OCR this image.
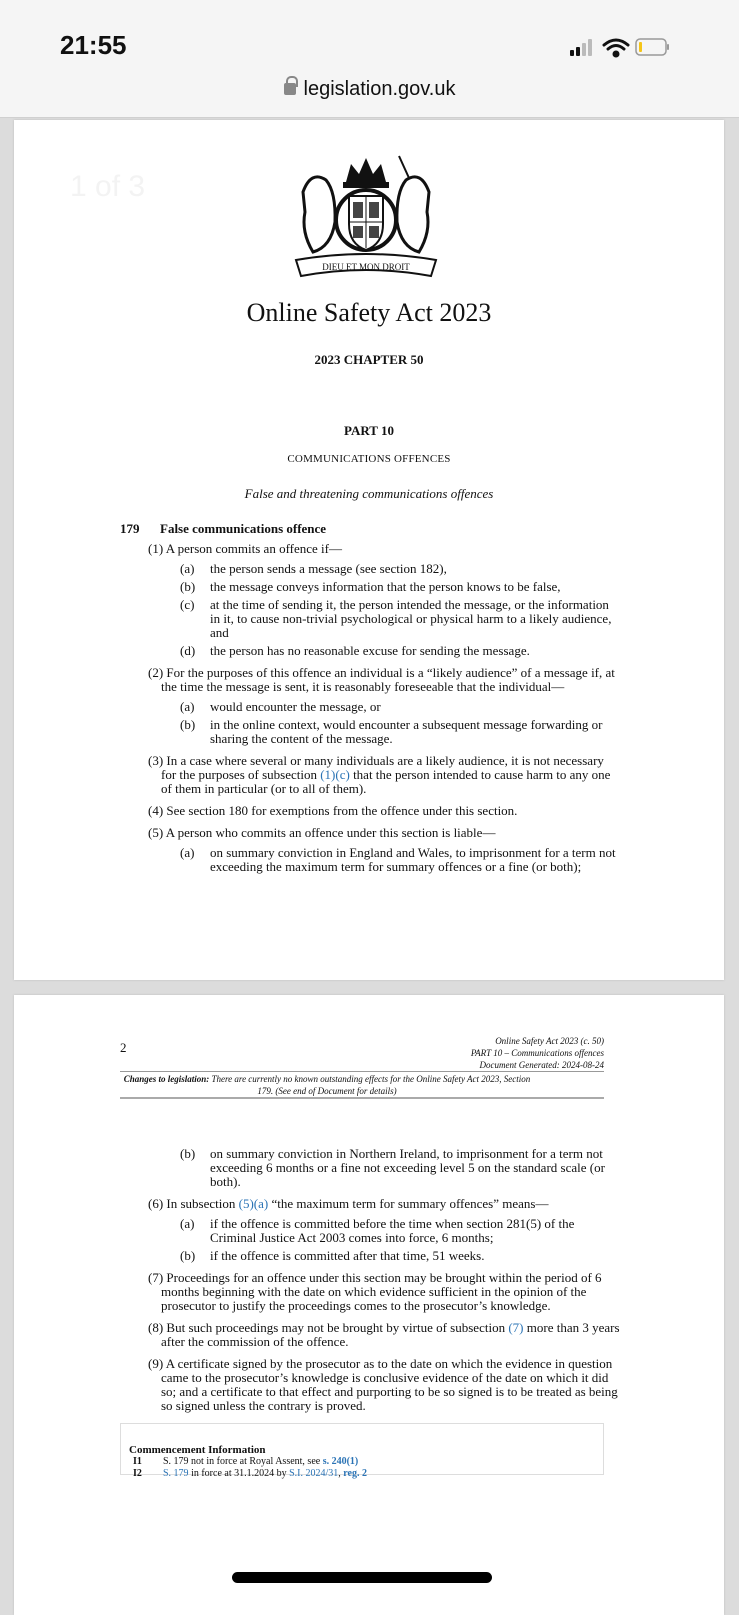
21:55
legislation.gov.uk
1 of 3
DIEU ET MON DROIT
Online Safety Act 2023
2023 CHAPTER 50
PART 10
COMMUNICATIONS OFFENCES
False and threatening communications offences
179	False communications offence
(1) A person commits an offence if—
(a)	the person sends a message (see section 182),
(b)	the message conveys information that the person knows to be false,
(c)	at the time of sending it, the person intended the message, or the information in it, to cause non-trivial psychological or physical harm to a likely audience, and
(d)	the person has no reasonable excuse for sending the message.
(2) For the purposes of this offence an individual is a “likely audience” of a message if, at the time the message is sent, it is reasonably foreseeable that the individual—
(a)	would encounter the message, or
(b)	in the online context, would encounter a subsequent message forwarding or sharing the content of the message.
(3) In a case where several or many individuals are a likely audience, it is not necessary for the purposes of subsection (1)(c) that the person intended to cause harm to any one of them in particular (or to all of them).
(4) See section 180 for exemptions from the offence under this section.
(5) A person who commits an offence under this section is liable—
(a)	on summary conviction in England and Wales, to imprisonment for a term not exceeding the maximum term for summary offences or a fine (or both);
2	Online Safety Act 2023 (c. 50)
PART 10 – Communications offences
Document Generated: 2024-08-24
Changes to legislation: There are currently no known outstanding effects for the Online Safety Act 2023, Section 179. (See end of Document for details)
(b)	on summary conviction in Northern Ireland, to imprisonment for a term not exceeding 6 months or a fine not exceeding level 5 on the standard scale (or both).
(6) In subsection (5)(a) “the maximum term for summary offences” means—
(a)	if the offence is committed before the time when section 281(5) of the Criminal Justice Act 2003 comes into force, 6 months;
(b)	if the offence is committed after that time, 51 weeks.
(7) Proceedings for an offence under this section may be brought within the period of 6 months beginning with the date on which evidence sufficient in the opinion of the prosecutor to justify the proceedings comes to the prosecutor’s knowledge.
(8) But such proceedings may not be brought by virtue of subsection (7) more than 3 years after the commission of the offence.
(9) A certificate signed by the prosecutor as to the date on which the evidence in question came to the prosecutor’s knowledge is conclusive evidence of the date on which it did so; and a certificate to that effect and purporting to be so signed is to be treated as being so signed unless the contrary is proved.
Commencement Information
I1	S. 179 not in force at Royal Assent, see s. 240(1)
I2	S. 179 in force at 31.1.2024 by S.I. 2024/31, reg. 2
